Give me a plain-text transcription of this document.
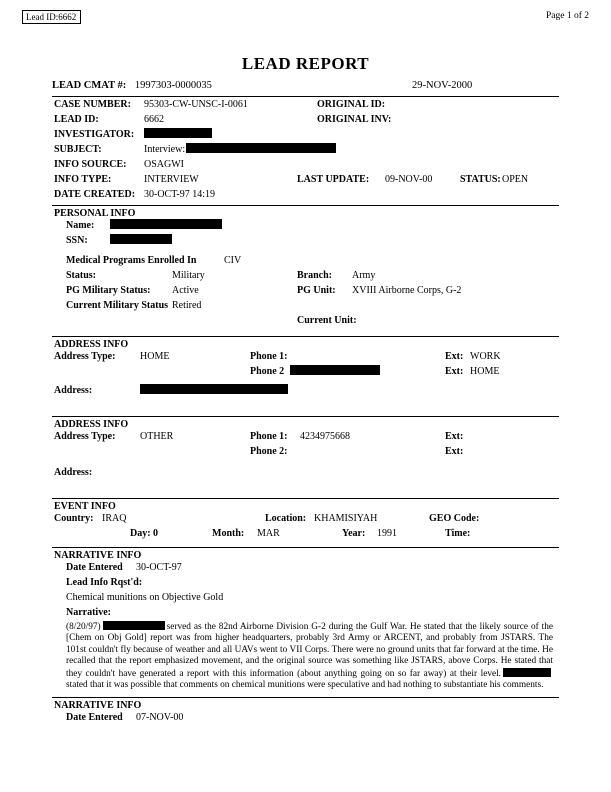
Lead ID:6662	Page 1 of 2
LEAD REPORT
LEAD CMAT #: 1997303-0000035	29-NOV-2000
CASE NUMBER: 95303-CW-UNSC-I-0061	ORIGINAL ID:
LEAD ID:	6662	ORIGINAL INV:
INVESTIGATOR:
SUBJECT:	Interview:
INFO SOURCE: OSAGWI
INFO TYPE:	INTERVIEW	LAST UPDATE: 09-NOV-00	STATUS: OPEN
DATE CREATED: 30-OCT-97 14:19
PERSONAL INFO
Name:
SSN:
Medical Programs Enrolled In	CIV
Status:	Military	Branch: Army
PG Military Status: Active	PG Unit: XVIII Airborne Corps, G-2
Current Military Status Retired
Current Unit:
ADDRESS INFO
Address Type: HOME	Phone 1:	Ext: WORK
Phone 2	Ext: HOME
Address:
ADDRESS INFO
Address Type: OTHER	Phone 1: 4234975668	Ext:
Phone 2:	Ext:
Address:
EVENT INFO
Country: IRAQ	Location: KHAMISIYAH	GEO Code:
Day: 0	Month: MAR	Year: 1991	Time:
NARRATIVE INFO
Date Entered 30-OCT-97
Lead Info Rqst'd:
Chemical munitions on Objective Gold
Narrative:

(8/20/97)	served as the 82nd Airborne Division G-2 during the Gulf War. He stated that the likely source of the [Chem on Obj Gold] report was from higher headquarters, probably 3rd Army or ARCENT, and probably from JSTARS. The 101st couldn't fly because of weather and all UAVs went to VII Corps. There were no ground units that far forward at the time. He recalled that the report emphasized movement, and the original source was something like JSTARS, above Corps. He stated that they couldn't have generated a report with this information (about anything going on so far away) at their level.stated that it was possible that comments on chemical munitions were speculative and had nothing to substantiate his comments.

NARRATIVE INFO
Date Entered 07-NOV-00
